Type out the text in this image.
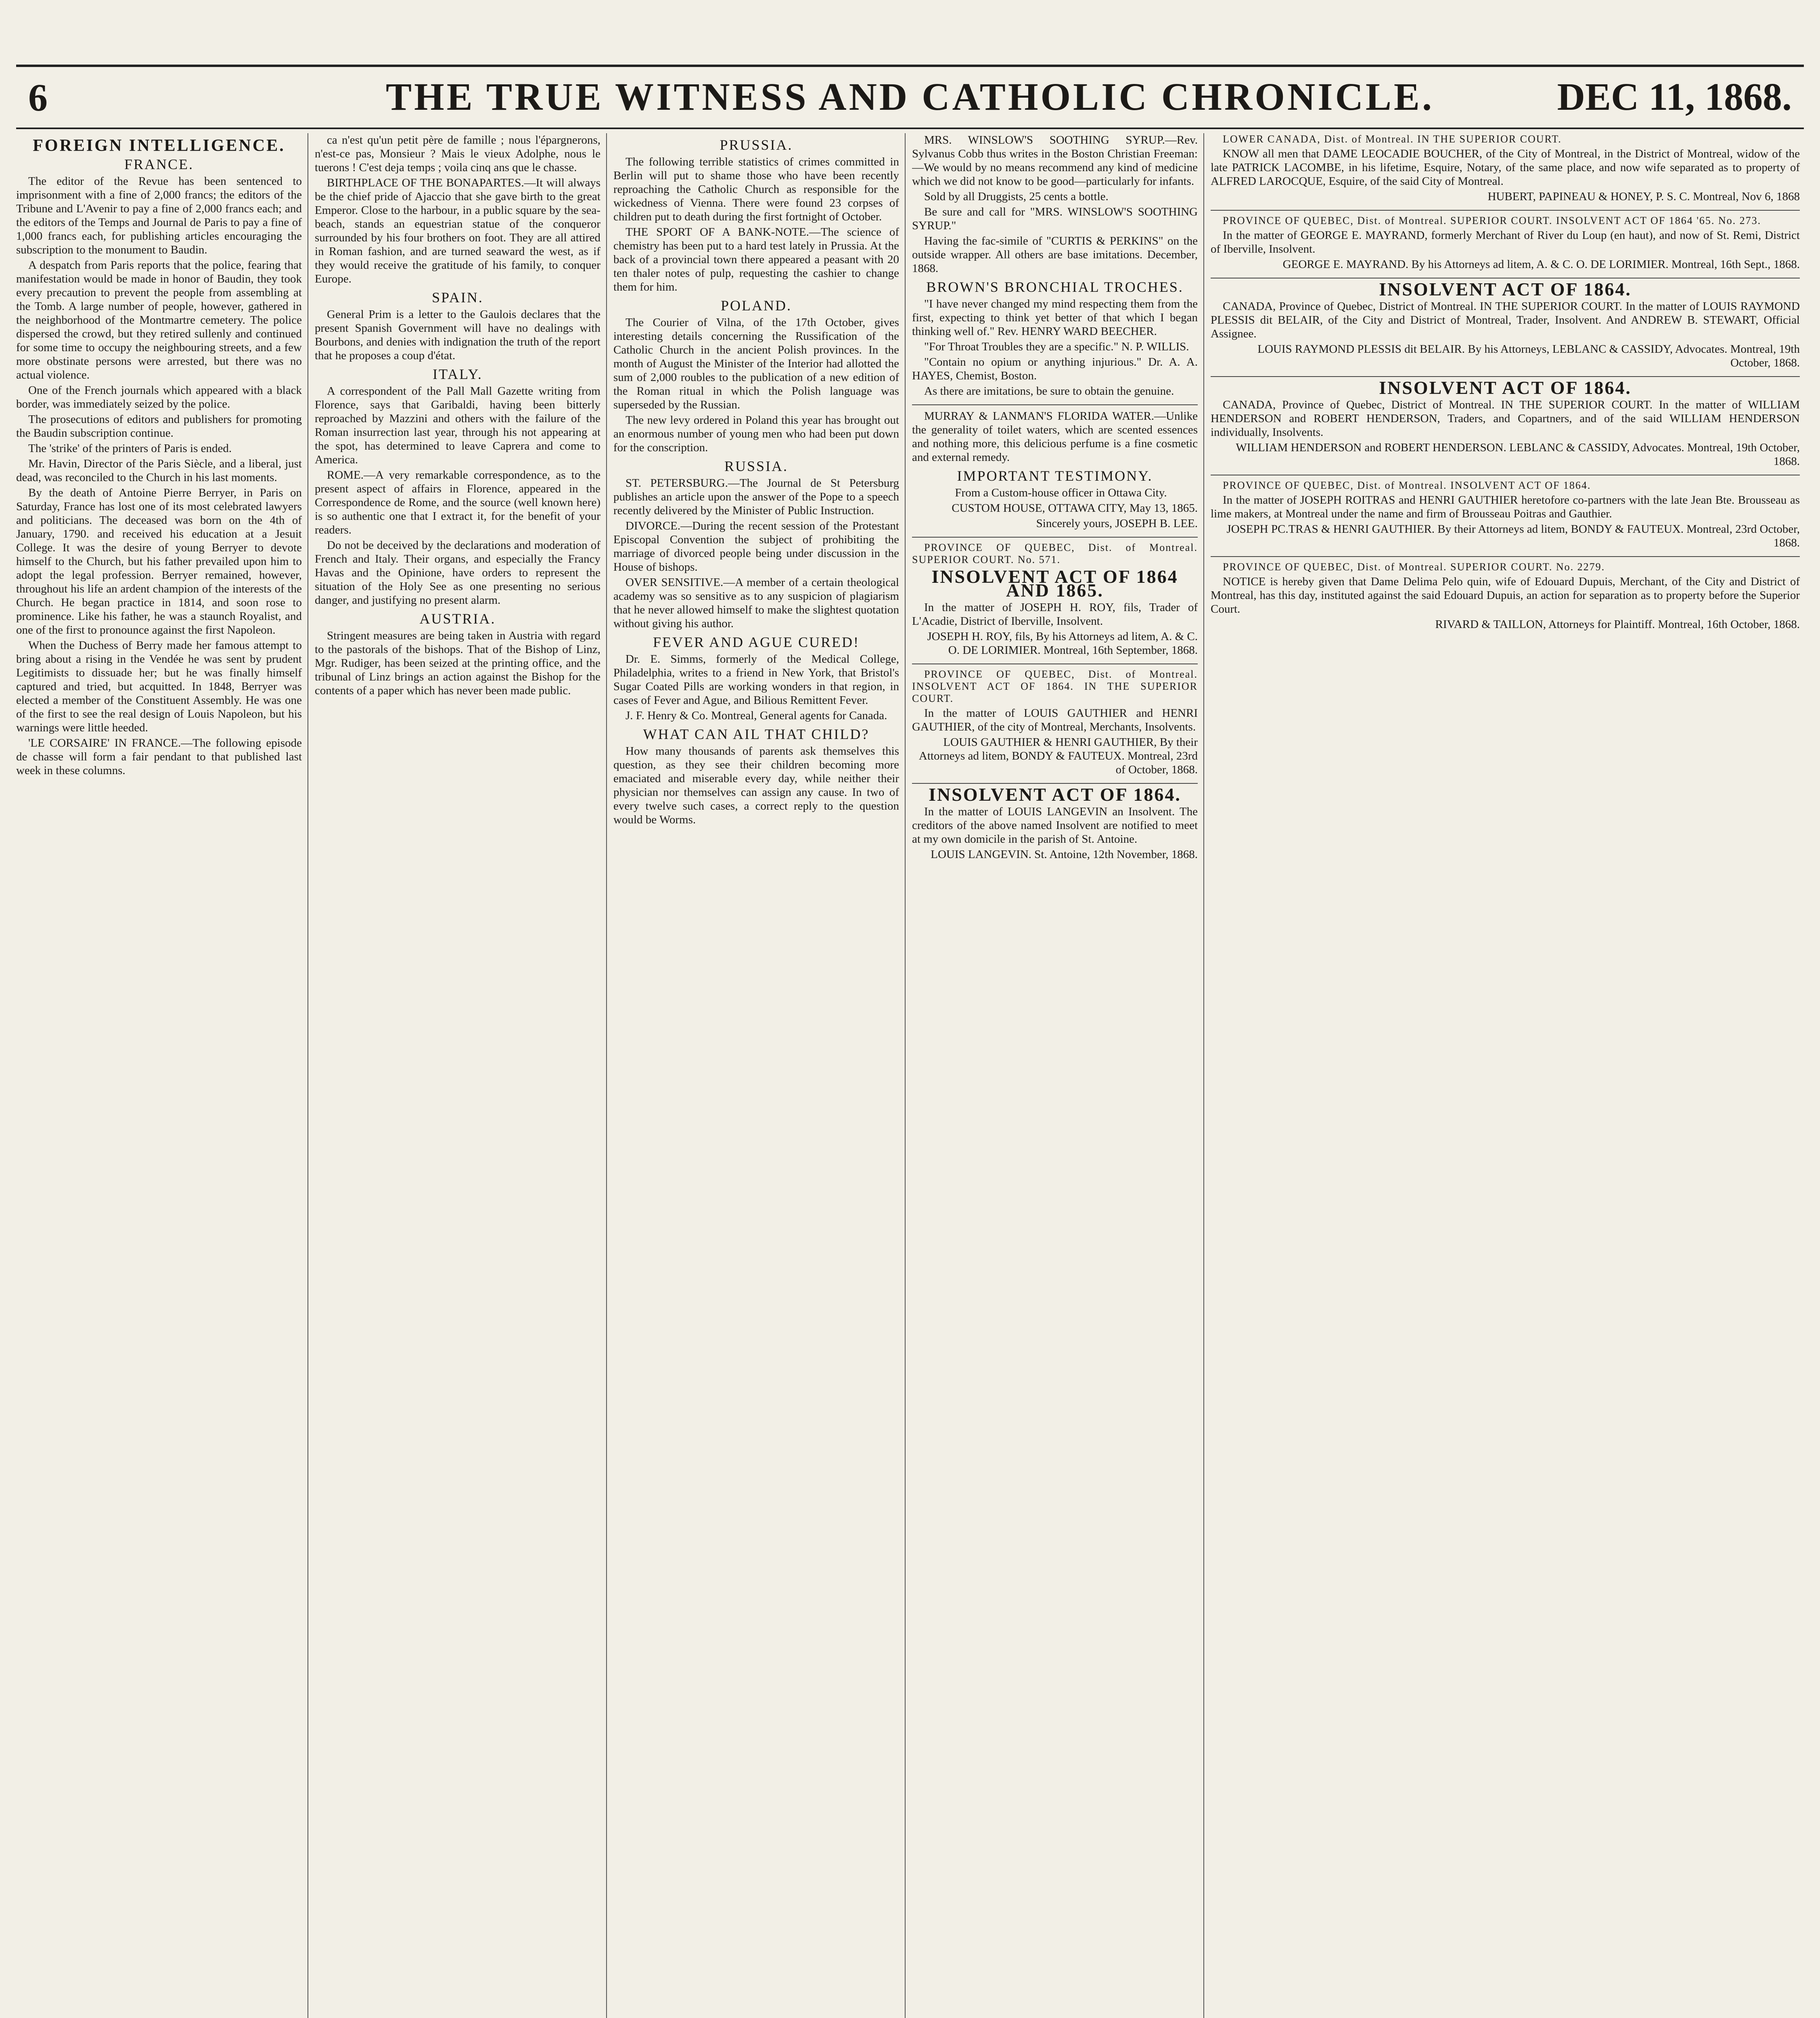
6	THE TRUE WITNESS AND CATHOLIC CHRONICLE.	DEC 11, 1868.
FOREIGN INTELLIGENCE.
FRANCE.

The editor of the Revue has been sentenced to imprisonment with a fine of 2,000 francs; the editors of the Tribune and L'Avenir to pay a fine of 2,000 francs each; and the editors of the Temps and Journal de Paris to pay a fine of 1,000 francs each, for publishing articles encouraging the subscription to the monument to Baudin.

A despatch from Paris reports that the police, fearing that manifestation would be made in honor of Baudin, they took every precaution to prevent the people from assembling at the Tomb. A large number of people, however, gathered in the neighborhood of the Montmartre cemetery. The police dispersed the crowd, but they retired sullenly and continued for some time to occupy the neighbouring streets, and a few more obstinate persons were arrested, but there was no actual violence.

One of the French journals which appeared with a black border, was immediately seized by the police.

The prosecutions of editors and publishers for promoting the Baudin subscription continue.

The 'strike' of the printers of Paris is ended.

Mr. Havin, Director of the Paris Siècle, and a liberal, just dead, was reconciled to the Church in his last moments.

By the death of Antoine Pierre Berryer, in Paris on Saturday, France has lost one of its most celebrated lawyers and politicians. The deceased was born on the 4th of January, 1790. and received his education at a Jesuit College. It was the desire of young Berryer to devote himself to the Church, but his father prevailed upon him to adopt the legal profession. Berryer remained, however, throughout his life an ardent champion of the interests of the Church. He began practice in 1814, and soon rose to prominence. Like his father, he was a staunch Royalist, and one of the first to pronounce against the first Napoleon.

When the Duchess of Berry made her famous attempt to bring about a rising in the Vendée he was sent by prudent Legitimists to dissuade her; but he was finally himself captured and tried, but acquitted. In 1848, Berryer was elected a member of the Constituent Assembly. He was one of the first to see the real design of Louis Napoleon, but his warnings were little heeded.

'LE CORSAIRE' IN FRANCE.—The following episode de chasse will form a fair pendant to that published last week in these columns.

ca n'est qu'un petit père de famille ; nous l'épargnerons, n'est-ce pas, Monsieur ? Mais le vieux Adolphe, nous le tuerons ! C'est deja temps ; voila cinq ans que le chasse.

BIRTHPLACE OF THE BONAPARTES.—It will always be the chief pride of Ajaccio that she gave birth to the great Emperor. Close to the harbour, in a public square by the sea-beach, stands an equestrian statue of the conqueror surrounded by his four brothers on foot. They are all attired in Roman fashion, and are turned seaward the west, as if they would receive the gratitude of his family, to conquer Europe.

SPAIN.

General Prim is a letter to the Gaulois declares that the present Spanish Government will have no dealings with Bourbons, and denies with indignation the truth of the report that he proposes a coup d'état.

ITALY.

A correspondent of the Pall Mall Gazette writing from Florence, says that Garibaldi, having been bitterly reproached by Mazzini and others with the failure of the Roman insurrection last year, through his not appearing at the spot, has determined to leave Caprera and come to America.

ROME.—A very remarkable correspondence, as to the present aspect of affairs in Florence, appeared in the Correspondence de Rome, and the source (well known here) is so authentic one that I extract it, for the benefit of your readers.

Do not be deceived by the declarations and moderation of French and Italy. Their organs, and especially the Francy Havas and the Opinione, have orders to represent the situation of the Holy See as one presenting no serious danger, and justifying no present alarm.

AUSTRIA.

Stringent measures are being taken in Austria with regard to the pastorals of the bishops. That of the Bishop of Linz, Mgr. Rudiger, has been seized at the printing office, and the tribunal of Linz brings an action against the Bishop for the contents of a paper which has never been made public.

PRUSSIA.

The following terrible statistics of crimes committed in Berlin will put to shame those who have been recently reproaching the Catholic Church as responsible for the wickedness of Vienna. There were found 23 corpses of children put to death during the first fortnight of October.

THE SPORT OF A BANK-NOTE.—The science of chemistry has been put to a hard test lately in Prussia. At the back of a provincial town there appeared a peasant with 20 ten thaler notes of pulp, requesting the cashier to change them for him.

POLAND.

The Courier of Vilna, of the 17th October, gives interesting details concerning the Russification of the Catholic Church in the ancient Polish provinces. In the month of August the Minister of the Interior had allotted the sum of 2,000 roubles to the publication of a new edition of the Roman ritual in which the Polish language was superseded by the Russian.

The new levy ordered in Poland this year has brought out an enormous number of young men who had been put down for the conscription.

RUSSIA.

ST. PETERSBURG.—The Journal de St Petersburg publishes an article upon the answer of the Pope to a speech recently delivered by the Minister of Public Instruction.

DIVORCE.—During the recent session of the Protestant Episcopal Convention the subject of prohibiting the marriage of divorced people being under discussion in the House of bishops.

OVER SENSITIVE.—A member of a certain theological academy was so sensitive as to any suspicion of plagiarism that he never allowed himself to make the slightest quotation without giving his author.

FEVER AND AGUE CURED!

Dr. E. Simms, formerly of the Medical College, Philadelphia, writes to a friend in New York, that Bristol's Sugar Coated Pills are working wonders in that region, in cases of Fever and Ague, and Bilious Remittent Fever.

J. F. Henry & Co. Montreal, General agents for Canada.

WHAT CAN AIL THAT CHILD?

How many thousands of parents ask themselves this question, as they see their children becoming more emaciated and miserable every day, while neither their physician nor themselves can assign any cause. In two of every twelve such cases, a correct reply to the question would be Worms.

MRS. WINSLOW'S SOOTHING SYRUP.—Rev. Sylvanus Cobb thus writes in the Boston Christian Freeman:—We would by no means recommend any kind of medicine which we did not know to be good—particularly for infants.

Sold by all Druggists, 25 cents a bottle.

Be sure and call for "MRS. WINSLOW'S SOOTHING SYRUP."

Having the fac-simile of "CURTIS & PERKINS" on the outside wrapper. All others are base imitations. December, 1868.

BROWN'S BRONCHIAL TROCHES.

"I have never changed my mind respecting them from the first, expecting to think yet better of that which I began thinking well of." Rev. HENRY WARD BEECHER.

"For Throat Troubles they are a specific." N. P. WILLIS.

"Contain no opium or anything injurious." Dr. A. A. HAYES, Chemist, Boston.

As there are imitations, be sure to obtain the genuine.

MURRAY & LANMAN'S FLORIDA WATER.—Unlike the generality of toilet waters, which are scented essences and nothing more, this delicious perfume is a fine cosmetic and external remedy.

IMPORTANT TESTIMONY.

From a Custom-house officer in Ottawa City.

CUSTOM HOUSE, OTTAWA CITY, May 13, 1865.

Sincerely yours, JOSEPH B. LEE.

PROVINCE OF QUEBEC, Dist. of Montreal. SUPERIOR COURT. No. 571.

INSOLVENT ACT OF 1864 AND 1865.

In the matter of JOSEPH H. ROY, fils, Trader of L'Acadie, District of Iberville, Insolvent.

JOSEPH H. ROY, fils, By his Attorneys ad litem, A. & C. O. DE LORIMIER. Montreal, 16th September, 1868.

PROVINCE OF QUEBEC, Dist. of Montreal. INSOLVENT ACT OF 1864. IN THE SUPERIOR COURT.

In the matter of LOUIS GAUTHIER and HENRI GAUTHIER, of the city of Montreal, Merchants, Insolvents.

LOUIS GAUTHIER & HENRI GAUTHIER, By their Attorneys ad litem, BONDY & FAUTEUX. Montreal, 23rd of October, 1868.

INSOLVENT ACT OF 1864.

In the matter of LOUIS LANGEVIN an Insolvent. The creditors of the above named Insolvent are notified to meet at my own domicile in the parish of St. Antoine.

LOUIS LANGEVIN. St. Antoine, 12th November, 1868.

LOWER CANADA, Dist. of Montreal. IN THE SUPERIOR COURT.

KNOW all men that DAME LEOCADIE BOUCHER, of the City of Montreal, in the District of Montreal, widow of the late PATRICK LACOMBE, in his lifetime, Esquire, Notary, of the same place, and now wife separated as to property of ALFRED LAROCQUE, Esquire, of the said City of Montreal.

HUBERT, PAPINEAU & HONEY, P. S. C. Montreal, Nov 6, 1868

PROVINCE OF QUEBEC, Dist. of Montreal. SUPERIOR COURT. INSOLVENT ACT OF 1864 '65. No. 273.

In the matter of GEORGE E. MAYRAND, formerly Merchant of River du Loup (en haut), and now of St. Remi, District of Iberville, Insolvent.

GEORGE E. MAYRAND. By his Attorneys ad litem, A. & C. O. DE LORIMIER. Montreal, 16th Sept., 1868.

INSOLVENT ACT OF 1864.

CANADA, Province of Quebec, District of Montreal. IN THE SUPERIOR COURT. In the matter of LOUIS RAYMOND PLESSIS dit BELAIR, of the City and District of Montreal, Trader, Insolvent. And ANDREW B. STEWART, Official Assignee.

LOUIS RAYMOND PLESSIS dit BELAIR. By his Attorneys, LEBLANC & CASSIDY, Advocates. Montreal, 19th October, 1868.

INSOLVENT ACT OF 1864.

CANADA, Province of Quebec, District of Montreal. IN THE SUPERIOR COURT. In the matter of WILLIAM HENDERSON and ROBERT HENDERSON, Traders, and Copartners, and of the said WILLIAM HENDERSON individually, Insolvents.

WILLIAM HENDERSON and ROBERT HENDERSON. LEBLANC & CASSIDY, Advocates. Montreal, 19th October, 1868.

PROVINCE OF QUEBEC, Dist. of Montreal. INSOLVENT ACT OF 1864.

In the matter of JOSEPH ROITRAS and HENRI GAUTHIER heretofore co-partners with the late Jean Bte. Brousseau as lime makers, at Montreal under the name and firm of Brousseau Poitras and Gauthier.

JOSEPH PC.TRAS & HENRI GAUTHIER. By their Attorneys ad litem, BONDY & FAUTEUX. Montreal, 23rd October, 1868.

PROVINCE OF QUEBEC, Dist. of Montreal. SUPERIOR COURT. No. 2279.

NOTICE is hereby given that Dame Delima Pelo quin, wife of Edouard Dupuis, Merchant, of the City and District of Montreal, has this day, instituted against the said Edouard Dupuis, an action for separation as to property before the Superior Court.

RIVARD & TAILLON, Attorneys for Plaintiff. Montreal, 16th October, 1868.
